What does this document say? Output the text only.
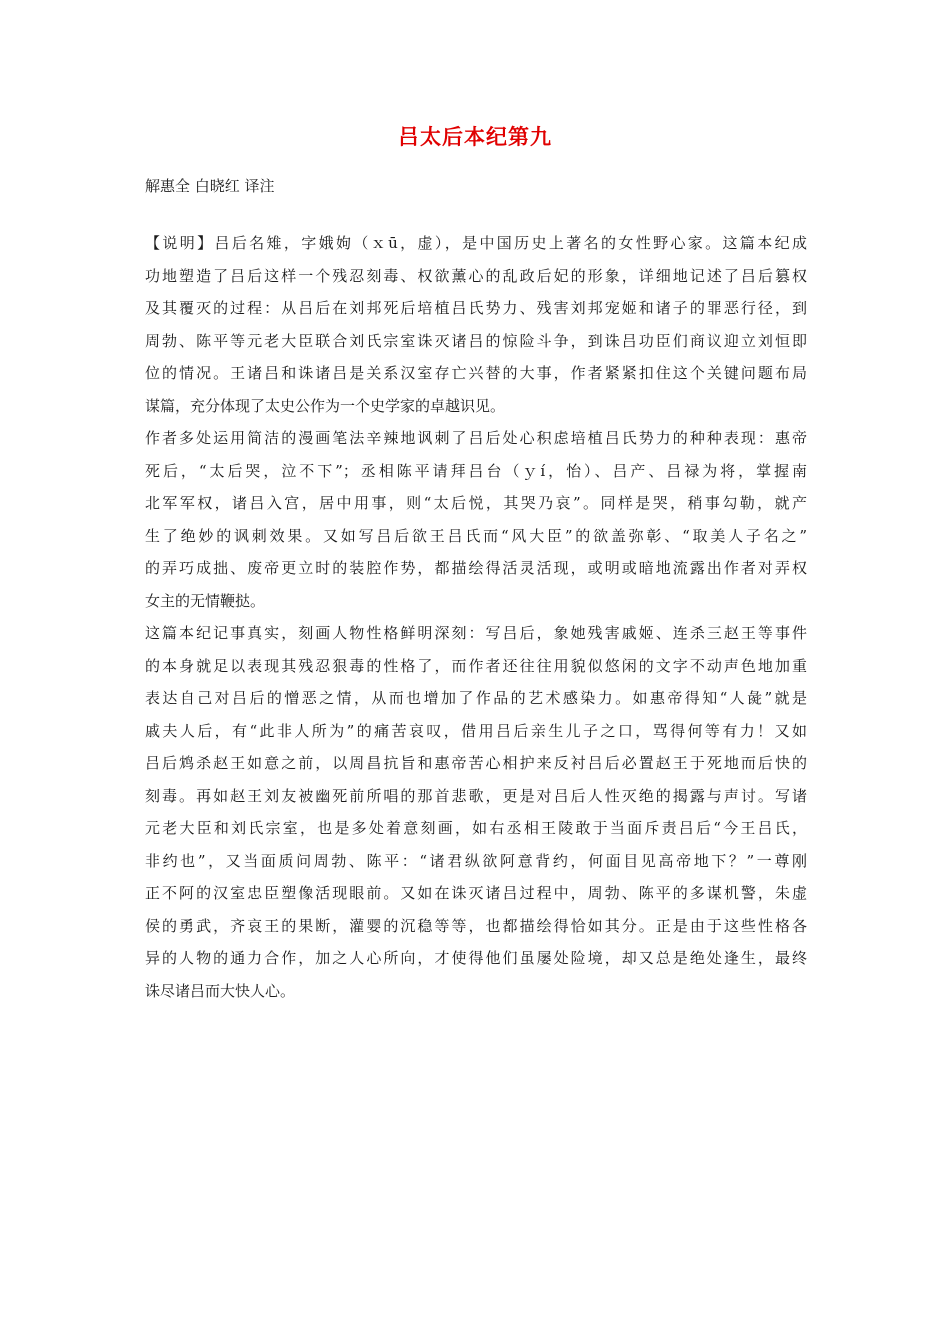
吕太后本纪第九
解惠全 白晓红 译注
【说明】吕后名雉，字娥姁（ｘū，虚），是中国历史上著名的女性野心家。这篇本纪成
功地塑造了吕后这样一个残忍刻毒、权欲薰心的乱政后妃的形象，详细地记述了吕后篡权
及其覆灭的过程：从吕后在刘邦死后培植吕氏势力、残害刘邦宠姬和诸子的罪恶行径，到
周勃、陈平等元老大臣联合刘氏宗室诛灭诸吕的惊险斗争，到诛吕功臣们商议迎立刘恒即
位的情况。王诸吕和诛诸吕是关系汉室存亡兴替的大事，作者紧紧扣住这个关键问题布局
谋篇，充分体现了太史公作为一个史学家的卓越识见。
作者多处运用简洁的漫画笔法辛辣地讽刺了吕后处心积虑培植吕氏势力的种种表现：惠帝
死后，“太后哭，泣不下”；丞相陈平请拜吕台（ｙí，怡）、吕产、吕禄为将，掌握南
北军军权，诸吕入宫，居中用事，则“太后悦，其哭乃哀”。同样是哭，稍事勾勒，就产
生了绝妙的讽刺效果。又如写吕后欲王吕氏而“风大臣”的欲盖弥彰、“取美人子名之”
的弄巧成拙、废帝更立时的装腔作势，都描绘得活灵活现，或明或暗地流露出作者对弄权
女主的无情鞭挞。
这篇本纪记事真实，刻画人物性格鲜明深刻：写吕后，象她残害戚姬、连杀三赵王等事件
的本身就足以表现其残忍狠毒的性格了，而作者还往往用貌似悠闲的文字不动声色地加重
表达自己对吕后的憎恶之情，从而也增加了作品的艺术感染力。如惠帝得知“人彘”就是
戚夫人后，有“此非人所为”的痛苦哀叹，借用吕后亲生儿子之口，骂得何等有力！又如
吕后鸩杀赵王如意之前，以周昌抗旨和惠帝苦心相护来反衬吕后必置赵王于死地而后快的
刻毒。再如赵王刘友被幽死前所唱的那首悲歌，更是对吕后人性灭绝的揭露与声讨。写诸
元老大臣和刘氏宗室，也是多处着意刻画，如右丞相王陵敢于当面斥责吕后“今王吕氏，
非约也”，又当面质问周勃、陈平：“诸君纵欲阿意背约，何面目见高帝地下？”一尊刚
正不阿的汉室忠臣塑像活现眼前。又如在诛灭诸吕过程中，周勃、陈平的多谋机警，朱虚
侯的勇武，齐哀王的果断，灌婴的沉稳等等，也都描绘得恰如其分。正是由于这些性格各
异的人物的通力合作，加之人心所向，才使得他们虽屡处险境，却又总是绝处逢生，最终
诛尽诸吕而大快人心。
